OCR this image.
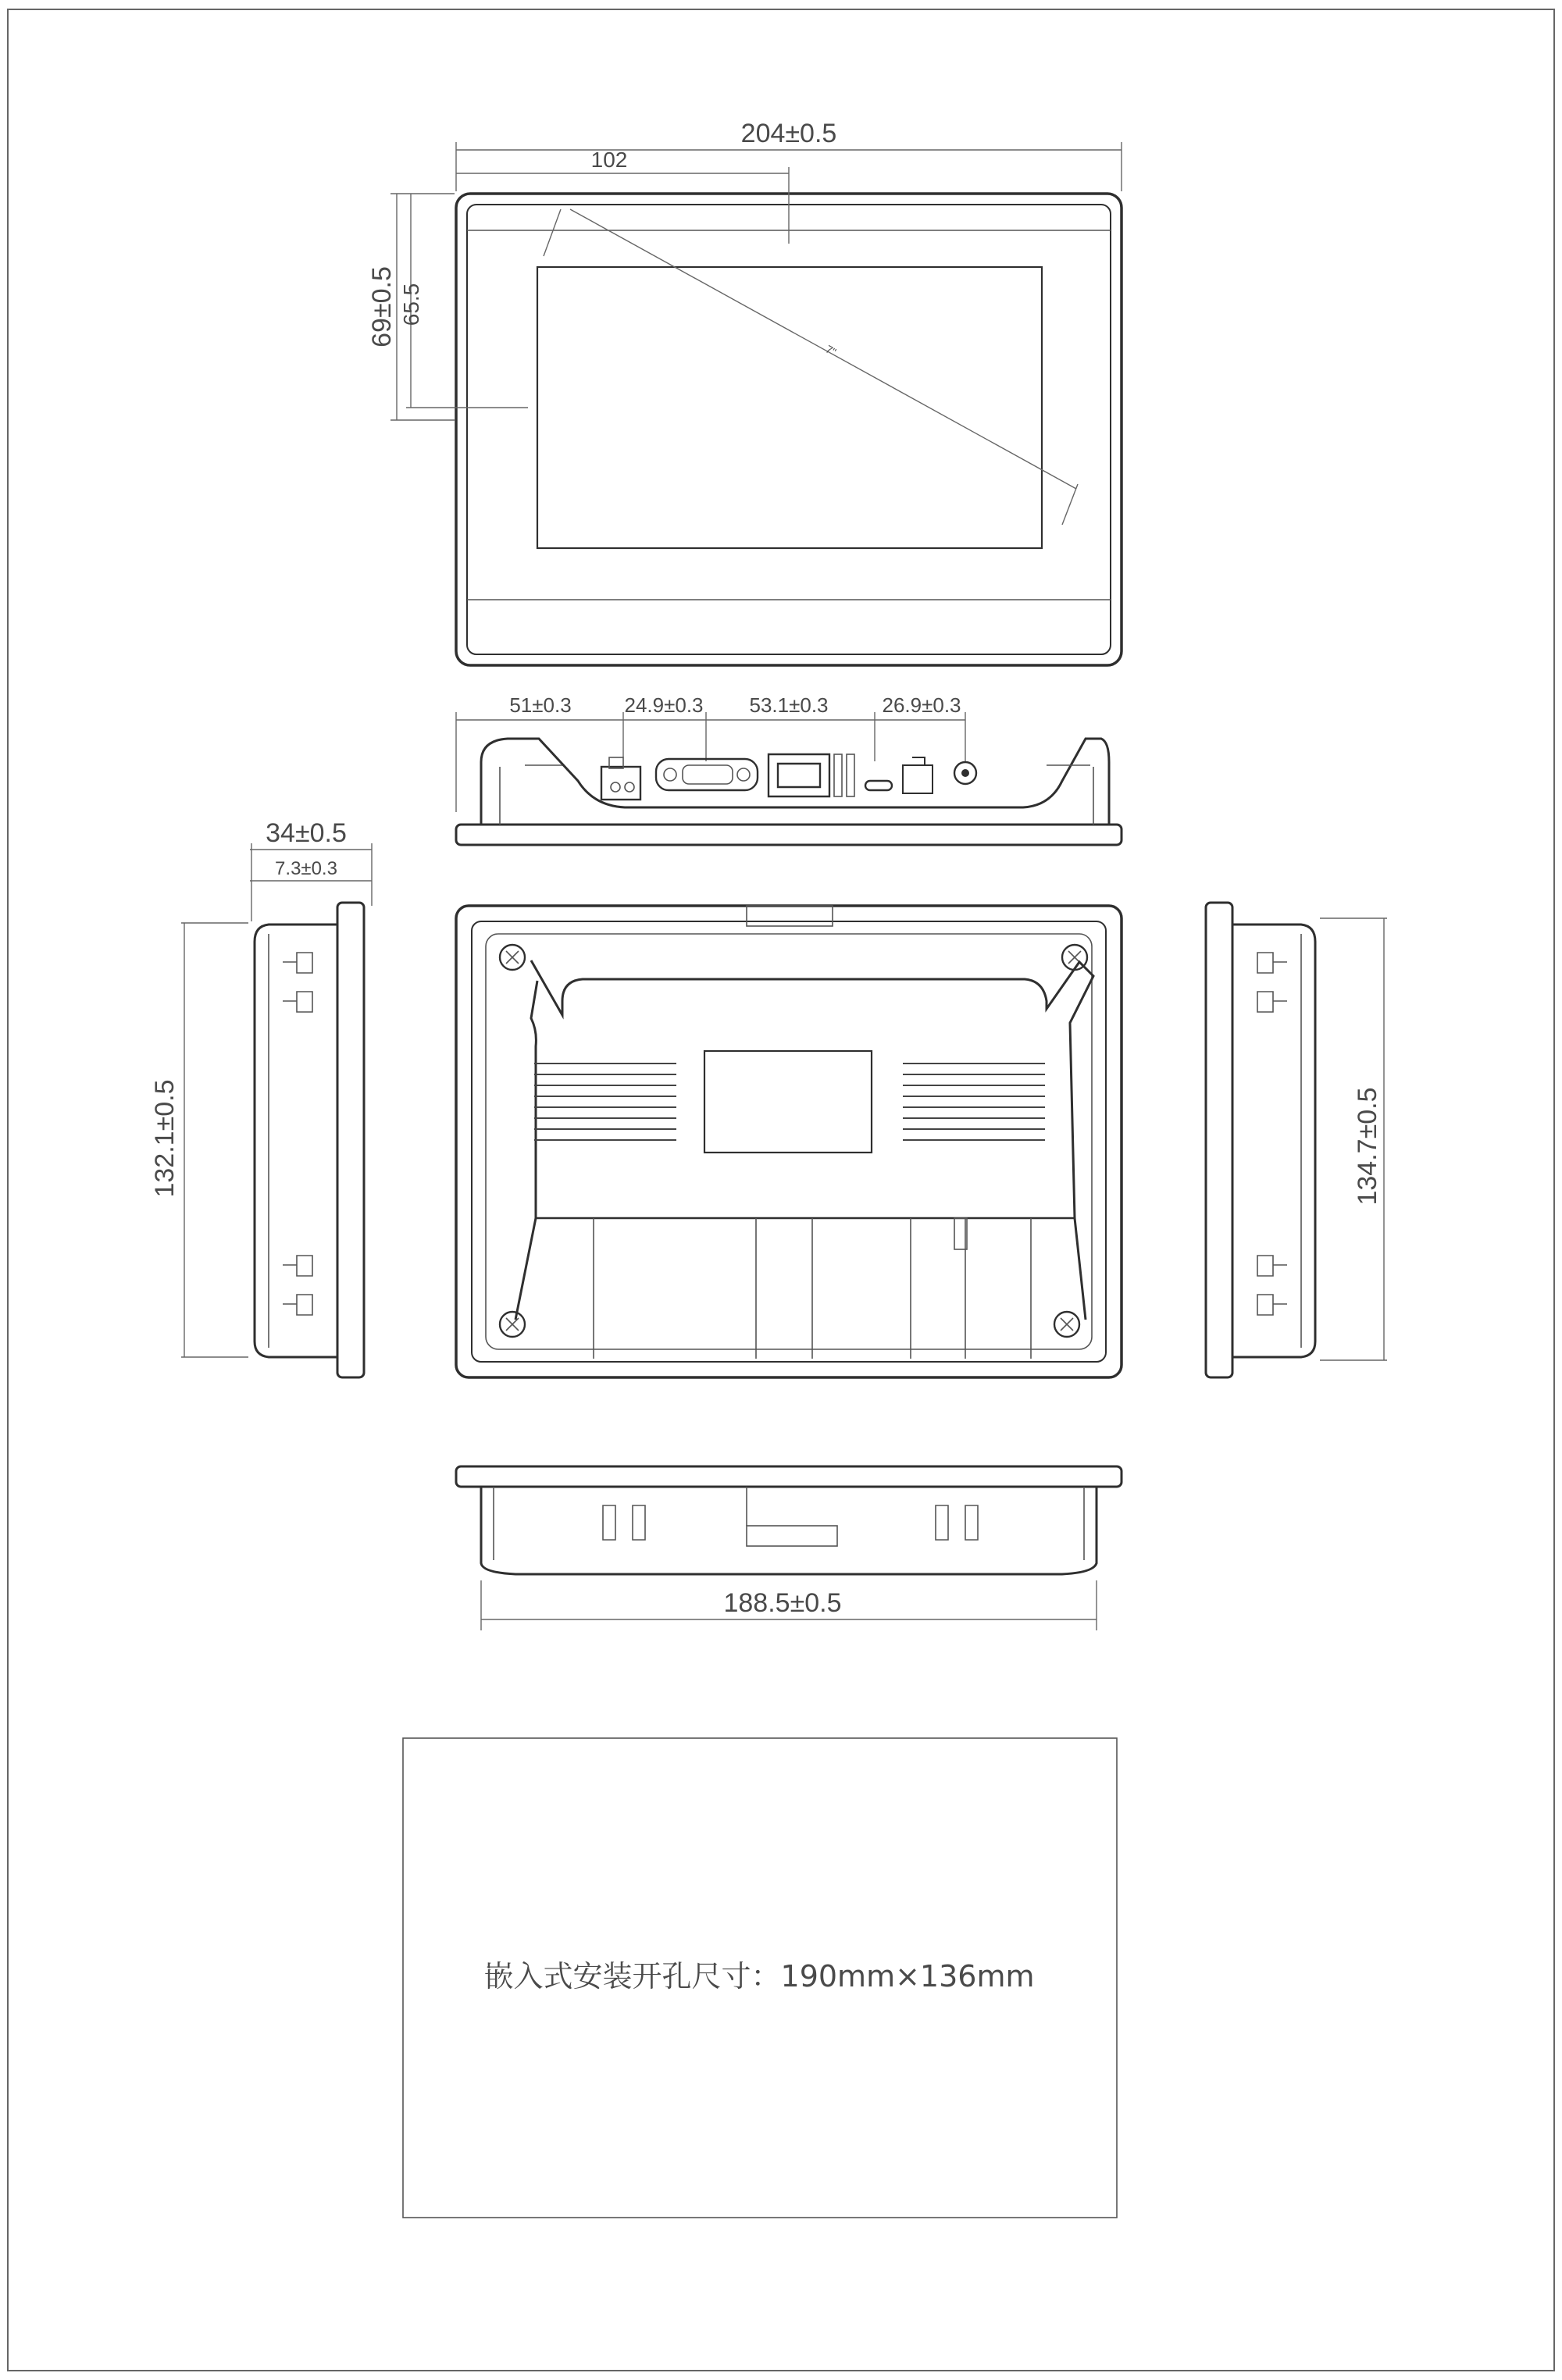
7"
204±0.5
102
69±0.5 65.5
51±0.3	24.9±0.3 53.1±0.3	26.9±0.3
34±0.5
7.3±0.3
132.1±0.5	134.7±0.5
188.5±0.5
嵌入式安装开孔尺寸：190mm×136mm
